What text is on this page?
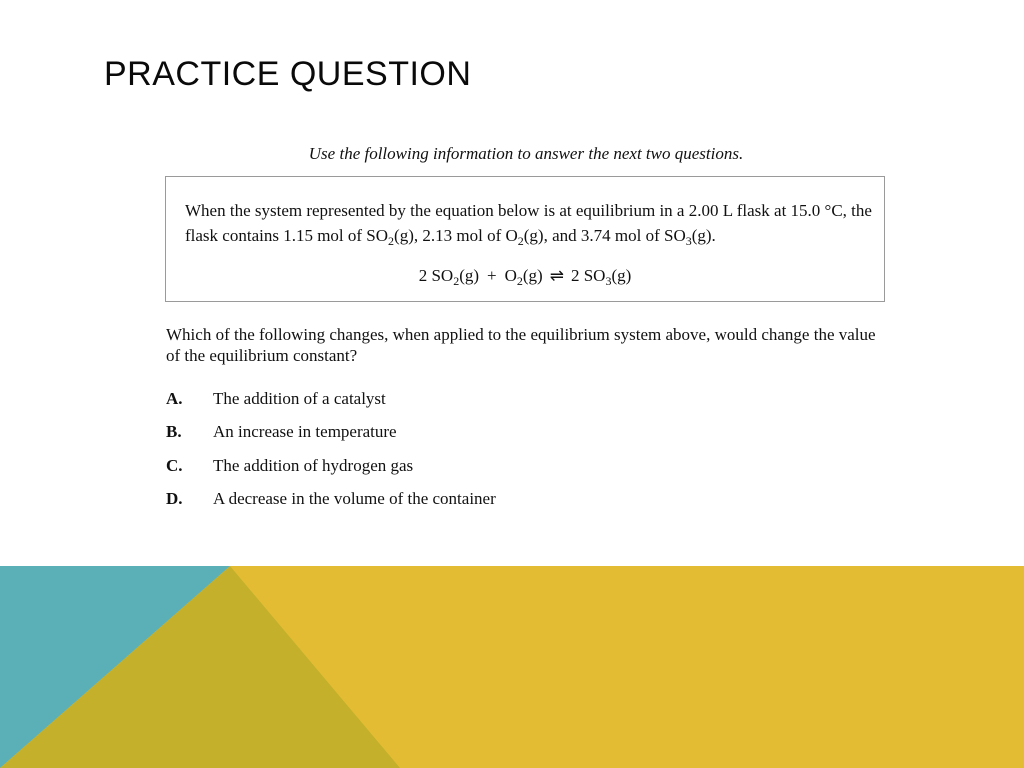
PRACTICE QUESTION
Use the following information to answer the next two questions.

When the system represented by the equation below is at equilibrium in a 2.00 L flask at 15.0 °C, the flask contains 1.15 mol of $SO_2(g)$, 2.13 mol of $O_2(g)$, and 3.74 mol of $SO_3(g)$.

2 $SO_2(g) + O_2(g)$ ⇌ 2 $SO_3(g)$

Which of the following changes, when applied to the equilibrium system above, would change the value of the equilibrium constant?

A.	The addition of a catalyst
B.	An increase in temperature
C.	The addition of hydrogen gas
D.	A decrease in the volume of the container
